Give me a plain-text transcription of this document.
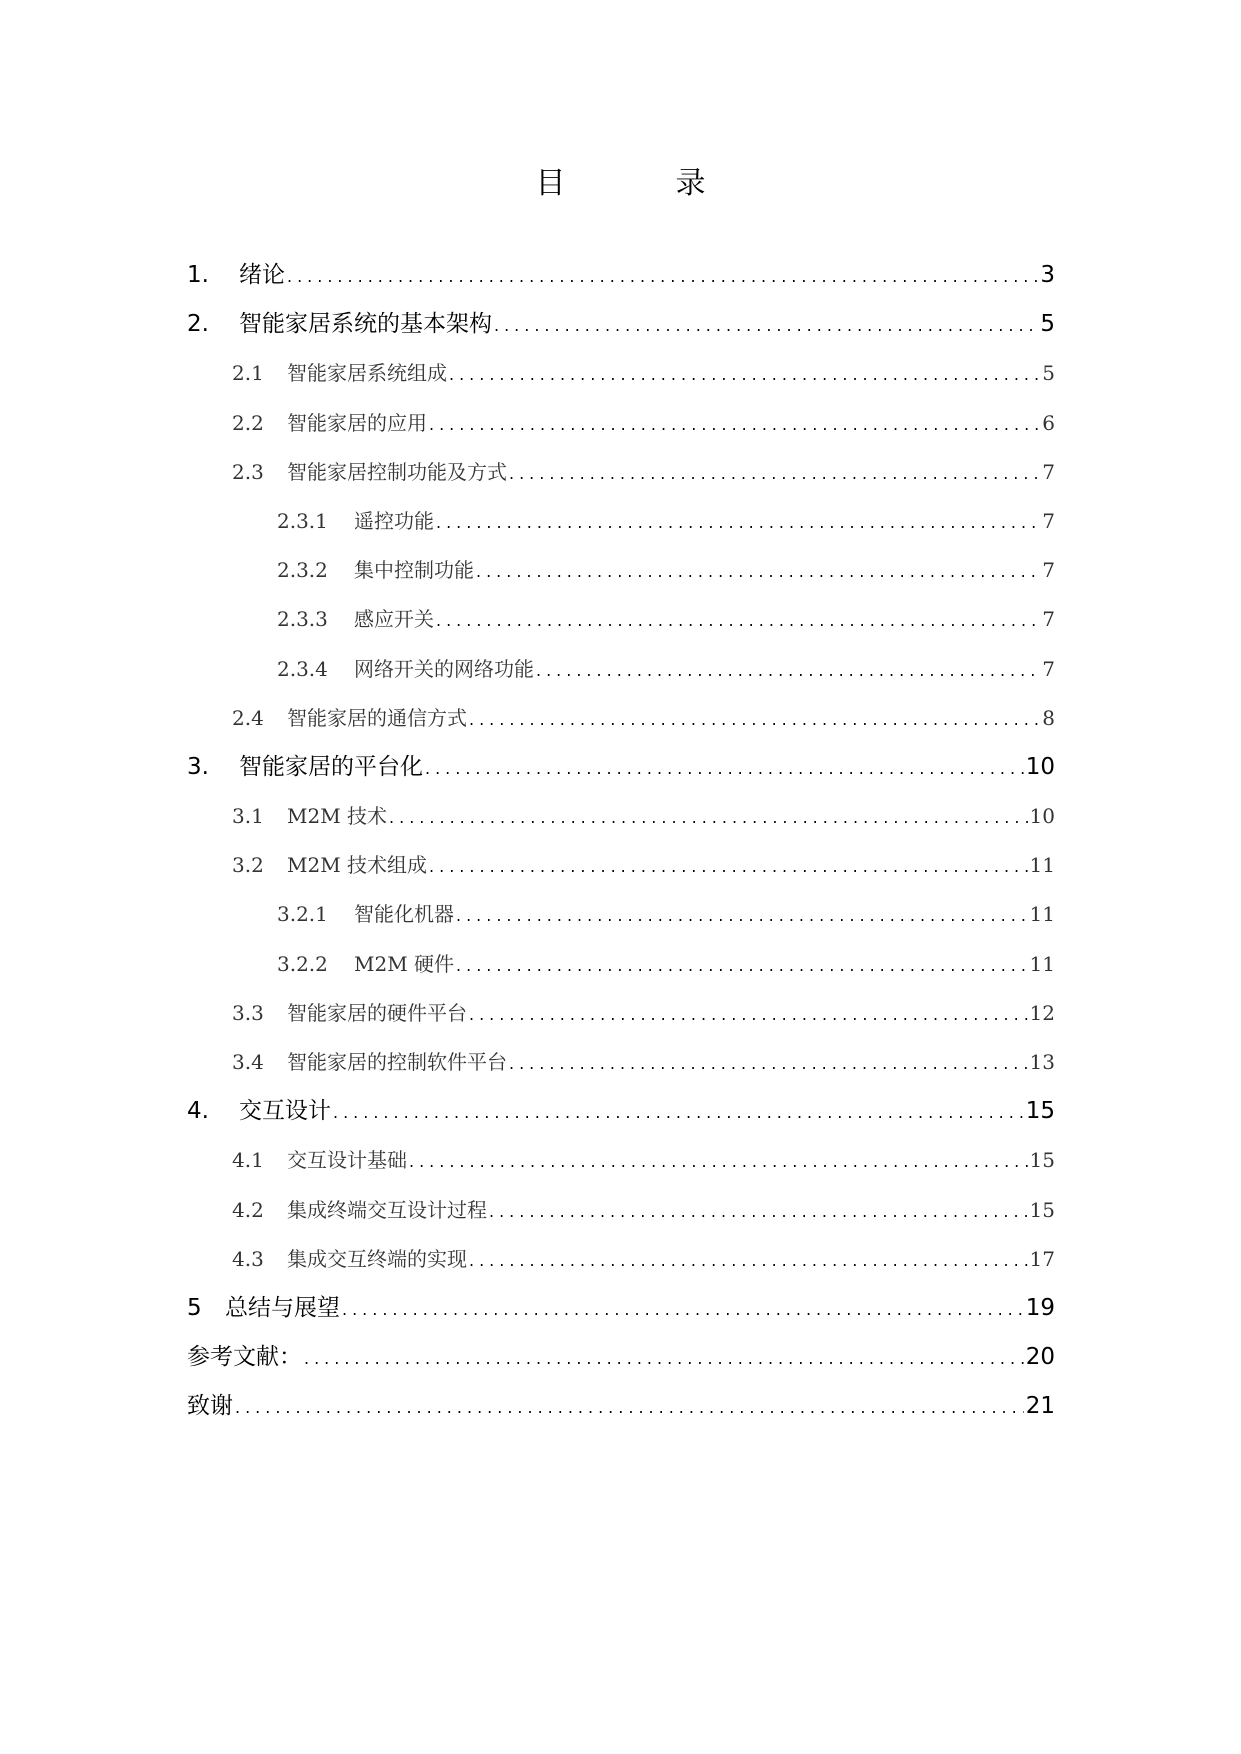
目　录
1.	绪论 .....	3
2.	智能家居系统的基本架构 .....	5
2.1	智能家居系统组成 .....	5
2.2	智能家居的应用 .....	6
2.3	智能家居控制功能及方式 .....	7
2.3.1	遥控功能 .....	7
2.3.2	集中控制功能 .....	7
2.3.3	感应开关 .....	7
2.3.4	网络开关的网络功能 .....	7
2.4	智能家居的通信方式 .....	8
3.	智能家居的平台化 .....	10
3.1	M2M 技术 .....	10
3.2	M2M 技术组成 .....	11
3.2.1	智能化机器 .....	11
3.2.2	M2M 硬件 .....	11
3.3	智能家居的硬件平台 .....	12
3.4	智能家居的控制软件平台 .....	13
4.	交互设计 .....	15
4.1	交互设计基础 .....	15
4.2	集成终端交互设计过程 .....	15
4.3	集成交互终端的实现 .....	17
5	总结与展望 .....	19
参考文献： .....	20
致谢 .....	21
